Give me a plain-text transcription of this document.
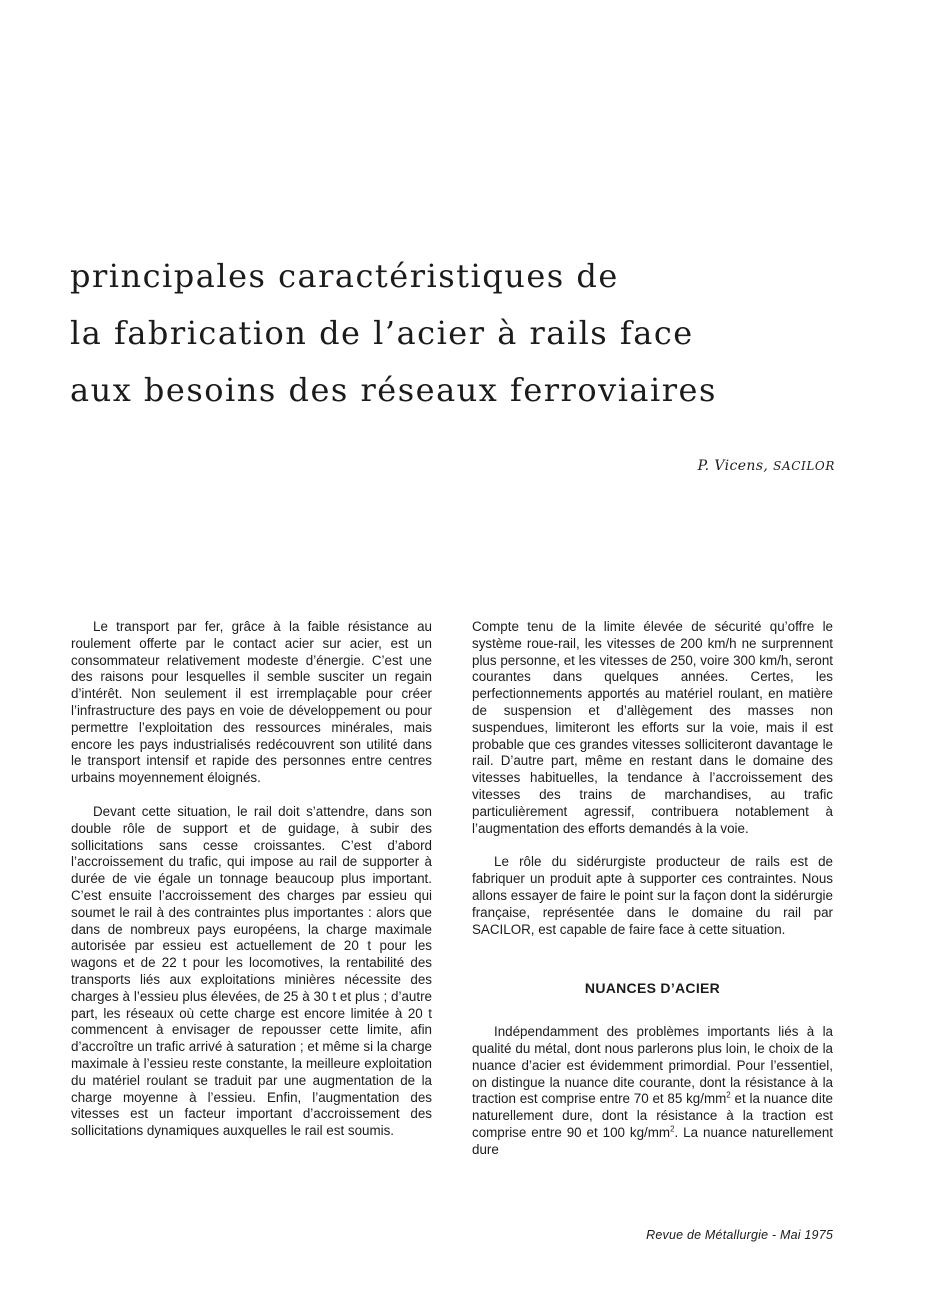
principales caractéristiques de
la fabrication de l’acier à rails face
aux besoins des réseaux ferroviaires
P. Vicens, SACILOR

Le transport par fer, grâce à la faible résistance au roulement offerte par le contact acier sur acier, est un consommateur relativement modeste d’énergie. C’est une des raisons pour lesquelles il semble susciter un regain d’intérêt. Non seulement il est irremplaçable pour créer l’infrastructure des pays en voie de développement ou pour permettre l’exploitation des ressources minérales, mais encore les pays industrialisés redécouvrent son utilité dans le transport intensif et rapide des personnes entre centres urbains moyennement éloignés.

Devant cette situation, le rail doit s’attendre, dans son double rôle de support et de guidage, à subir des sollicitations sans cesse croissantes. C’est d’abord l’accroissement du trafic, qui impose au rail de supporter à durée de vie égale un tonnage beaucoup plus important. C’est ensuite l’accroissement des charges par essieu qui soumet le rail à des contraintes plus importantes : alors que dans de nombreux pays européens, la charge maximale autorisée par essieu est actuellement de 20 t pour les wagons et de 22 t pour les locomotives, la rentabilité des transports liés aux exploitations minières nécessite des charges à l’essieu plus élevées, de 25 à 30 t et plus ; d’autre part, les réseaux où cette charge est encore limitée à 20 t commencent à envisager de repousser cette limite, afin d’accroître un trafic arrivé à saturation ; et même si la charge maximale à l’essieu reste constante, la meilleure exploitation du matériel roulant se traduit par une augmentation de la charge moyenne à l’essieu. Enfin, l’augmentation des vitesses est un facteur important d’accroissement des sollicitations dynamiques auxquelles le rail est soumis.

Compte tenu de la limite élevée de sécurité qu’offre le système roue-rail, les vitesses de 200 km/h ne surprennent plus personne, et les vitesses de 250, voire 300 km/h, seront courantes dans quelques années. Certes, les perfectionnements apportés au matériel roulant, en matière de suspension et d’allègement des masses non suspendues, limiteront les efforts sur la voie, mais il est probable que ces grandes vitesses solliciteront davantage le rail. D’autre part, même en restant dans le domaine des vitesses habituelles, la tendance à l’accroissement des vitesses des trains de marchandises, au trafic particulièrement agressif, contribuera notablement à l’augmentation des efforts demandés à la voie.

Le rôle du sidérurgiste producteur de rails est de fabriquer un produit apte à supporter ces contraintes. Nous allons essayer de faire le point sur la façon dont la sidérurgie française, représentée dans le domaine du rail par SACILOR, est capable de faire face à cette situation.

NUANCES D’ACIER

Indépendamment des problèmes importants liés à la qualité du métal, dont nous parlerons plus loin, le choix de la nuance d’acier est évidemment primordial. Pour l’essentiel, on distingue la nuance dite courante, dont la résistance à la traction est comprise entre 70 et 85 $kg/mm^2$ et la nuance dite naturellement dure, dont la résistance à la traction est comprise entre 90 et 100 $kg/mm^2$. La nuance naturellement dure

Revue de Métallurgie - Mai 1975
